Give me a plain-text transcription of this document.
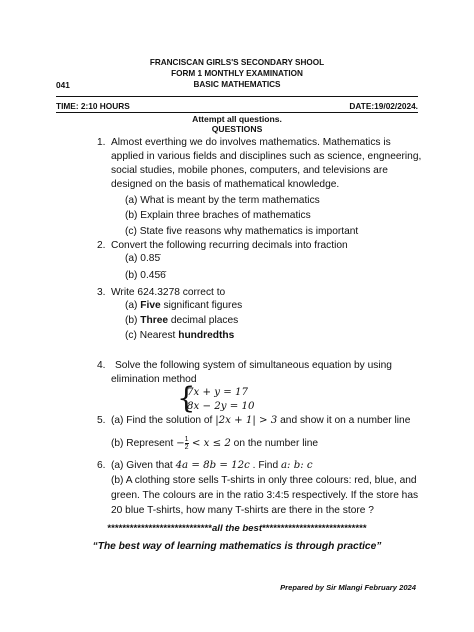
FRANCISCAN GIRLS'S SECONDARY SHOOL
FORM 1 MONTHLY EXAMINATION
BASIC MATHEMATICS
041
TIME: 2:10 HOURS	DATE:19/02/2024.
Attempt all questions.
QUESTIONS
1. Almost everthing we do involves mathematics. Mathematics is
applied in various fields and disciplines such as science, engneering,
social studies, mobile phones, computers, and televisions are
designed on the basis of mathematical knowledge.
(a) What is meant by the term mathematics
(b) Explain three braches of mathematics
(c) State five reasons why mathematics is important
2. Convert the following recurring decimals into fraction
(a) 0.85 ̇
(b) 0.45 ̇6 ̇
3. Write 624.3278 correct to
(a) Five significant figures
(b) Three decimal places
(c) Nearest hundredths
4. Solve the following system of simultaneous equation by using
elimination method
{
7x + y = 17
8x − 2y = 10
5. (a) Find the solution of |2x + 1| > 3 and show it on a number line
(b) Represent − $\frac{1}{2} < x \le 2$ on the number line
6. (a) Given that 4a = 8b = 12c . Find a: b: c
(b) A clothing store sells T-shirts in only three colours: red, blue, and
green. The colours are in the ratio 3:4:5 respectively. If the store has
20 blue T-shirts, how many T-shirts are there in the store ?
****************************all the best****************************
“The best way of learning mathematics is through practice”
Prepared by Sir Mlangi February 2024
